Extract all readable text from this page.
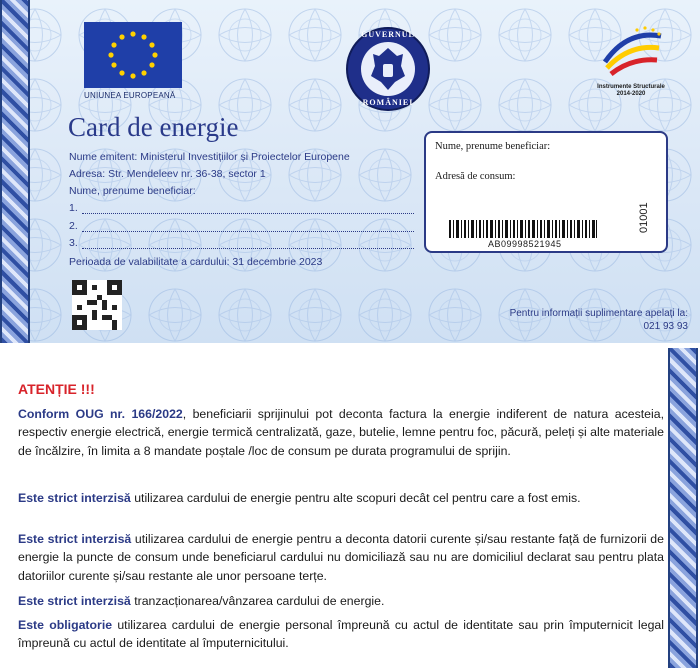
UNIUNEA EUROPEANĂ
GUVERNUL
ROMÂNIEI
Instrumente Structurale
2014-2020
Card de energie
Nume emitent: Ministerul Investițiilor și Proiectelor Europene
Adresa: Str. Mendeleev nr. 36-38, sector 1
Nume, prenume beneficiar:
1.
2.
3.
Perioada de valabilitate a cardului: 31 decembrie 2023
Nume, prenume beneficiar:
Adresă de consum:
AB09998521945
01001
Pentru informații suplimentare apelați la:
021 93 93
ATENȚIE !!!
Conform OUG nr. 166/2022, beneficiarii sprijinului pot deconta factura la energie indiferent de natura acesteia, respectiv energie electrică, energie termică centralizată, gaze, butelie, lemne pentru foc, păcură, peleți și alte materiale de încălzire, în limita a 8 mandate poștale /loc de consum pe durata programului de sprijin.
Este strict interzisă utilizarea cardului de energie pentru alte scopuri decât cel pentru care a fost emis.
Este strict interzisă utilizarea cardului de energie pentru a deconta datorii curente și/sau restante față de furnizorii de energie la puncte de consum unde beneficiarul cardului nu domiciliază sau nu are domiciliul declarat sau pentru plata datoriilor curente și/sau restante ale unor persoane terțe.
Este strict interzisă tranzacționarea/vânzarea cardului de energie.
Este obligatorie utilizarea cardului de energie personal împreună cu actul de identitate sau prin împuternicit legal împreună cu actul de identitate al împuternicitului.
